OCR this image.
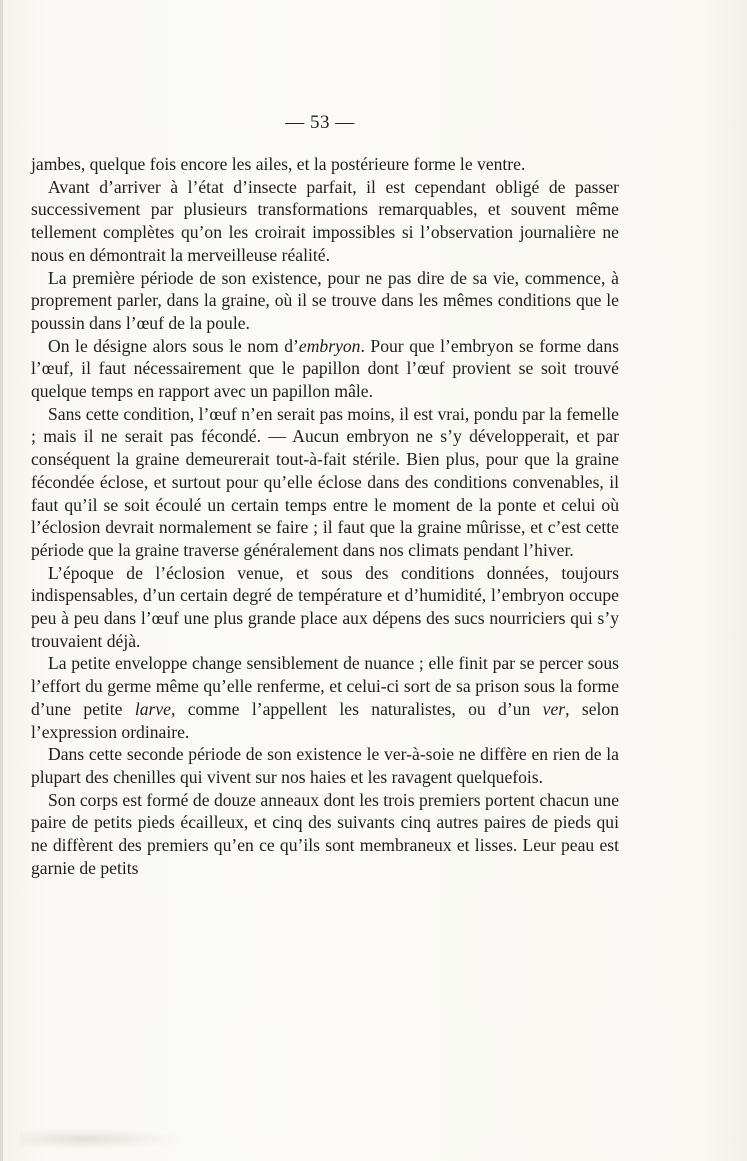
— 53 —

jambes, quelque fois encore les ailes, et la postérieure forme le ventre.

Avant d’arriver à l’état d’insecte parfait, il est cependant obligé de passer successivement par plusieurs transformations remarquables, et souvent même tellement complètes qu’on les croirait impossibles si l’observation journalière ne nous en démontrait la merveilleuse réalité.

La première période de son existence, pour ne pas dire de sa vie, commence, à proprement parler, dans la graine, où il se trouve dans les mêmes conditions que le poussin dans l’œuf de la poule.

On le désigne alors sous le nom d’embryon. Pour que l’embryon se forme dans l’œuf, il faut nécessairement que le papillon dont l’œuf provient se soit trouvé quelque temps en rapport avec un papillon mâle.

Sans cette condition, l’œuf n’en serait pas moins, il est vrai, pondu par la femelle ; mais il ne serait pas fécondé. — Aucun embryon ne s’y développerait, et par conséquent la graine demeurerait tout-à-fait stérile. Bien plus, pour que la graine fécondée éclose, et surtout pour qu’elle éclose dans des conditions convenables, il faut qu’il se soit écoulé un certain temps entre le moment de la ponte et celui où l’éclosion devrait normalement se faire ; il faut que la graine mûrisse, et c’est cette période que la graine traverse généralement dans nos climats pendant l’hiver.

L’époque de l’éclosion venue, et sous des conditions données, toujours indispensables, d’un certain degré de température et d’humidité, l’embryon occupe peu à peu dans l’œuf une plus grande place aux dépens des sucs nourriciers qui s’y trouvaient déjà.

La petite enveloppe change sensiblement de nuance ; elle finit par se percer sous l’effort du germe même qu’elle renferme, et celui-ci sort de sa prison sous la forme d’une petite larve, comme l’appellent les naturalistes, ou d’un ver, selon l’expression ordinaire.

Dans cette seconde période de son existence le ver-à-soie ne diffère en rien de la plupart des chenilles qui vivent sur nos haies et les ravagent quelquefois.

Son corps est formé de douze anneaux dont les trois premiers portent chacun une paire de petits pieds écailleux, et cinq des suivants cinq autres paires de pieds qui ne diffèrent des premiers qu’en ce qu’ils sont membraneux et lisses. Leur peau est garnie de petits
